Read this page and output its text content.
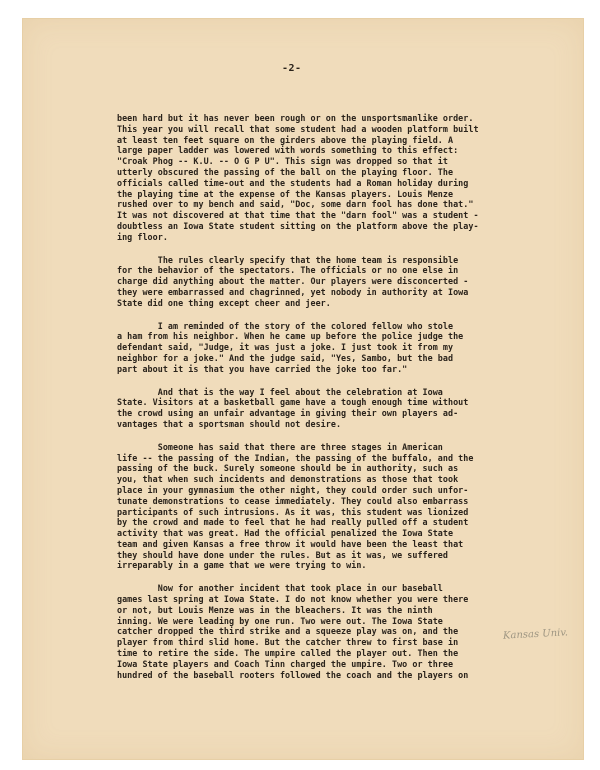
-2-
been hard but it has never been rough or on the unsportsmanlike order.
This year you will recall that some student had a wooden platform built
at least ten feet square on the girders above the playing field. A
large paper ladder was lowered with words something to this effect:
"Croak Phog -- K.U. -- O G P U". This sign was dropped so that it
utterly obscured the passing of the ball on the playing floor. The
officials called time-out and the students had a Roman holiday during
the playing time at the expense of the Kansas players. Louis Menze
rushed over to my bench and said, "Doc, some darn fool has done that."
It was not discovered at that time that the "darn fool" was a student -
doubtless an Iowa State student sitting on the platform above the play-
ing floor.
The rules clearly specify that the home team is responsible
for the behavior of the spectators. The officials or no one else in
charge did anything about the matter. Our players were disconcerted -
they were embarrassed and chagrinned, yet nobody in authority at Iowa
State did one thing except cheer and jeer.
I am reminded of the story of the colored fellow who stole
a ham from his neighbor. When he came up before the police judge the
defendant said, "Judge, it was just a joke. I just took it from my
neighbor for a joke." And the judge said, "Yes, Sambo, but the bad
part about it is that you have carried the joke too far."
And that is the way I feel about the celebration at Iowa
State. Visitors at a basketball game have a tough enough time without
the crowd using an unfair advantage in giving their own players ad-
vantages that a sportsman should not desire.
Someone has said that there are three stages in American
life -- the passing of the Indian, the passing of the buffalo, and the
passing of the buck. Surely someone should be in authority, such as
you, that when such incidents and demonstrations as those that took
place in your gymnasium the other night, they could order such unfor-
tunate demonstrations to cease immediately. They could also embarrass
participants of such intrusions. As it was, this student was lionized
by the crowd and made to feel that he had really pulled off a student
activity that was great. Had the official penalized the Iowa State
team and given Kansas a free throw it would have been the least that
they should have done under the rules. But as it was, we suffered
irreparably in a game that we were trying to win.
Now for another incident that took place in our baseball
games last spring at Iowa State. I do not know whether you were there
or not, but Louis Menze was in the bleachers. It was the ninth
inning. We were leading by one run. Two were out. The Iowa State
catcher dropped the third strike and a squeeze play was on, and the
player from third slid home. But the catcher threw to first base in
time to retire the side. The umpire called the player out. Then the
Iowa State players and Coach Tinn charged the umpire. Two or three
hundred of the baseball rooters followed the coach and the players on
Kansas Univ.
